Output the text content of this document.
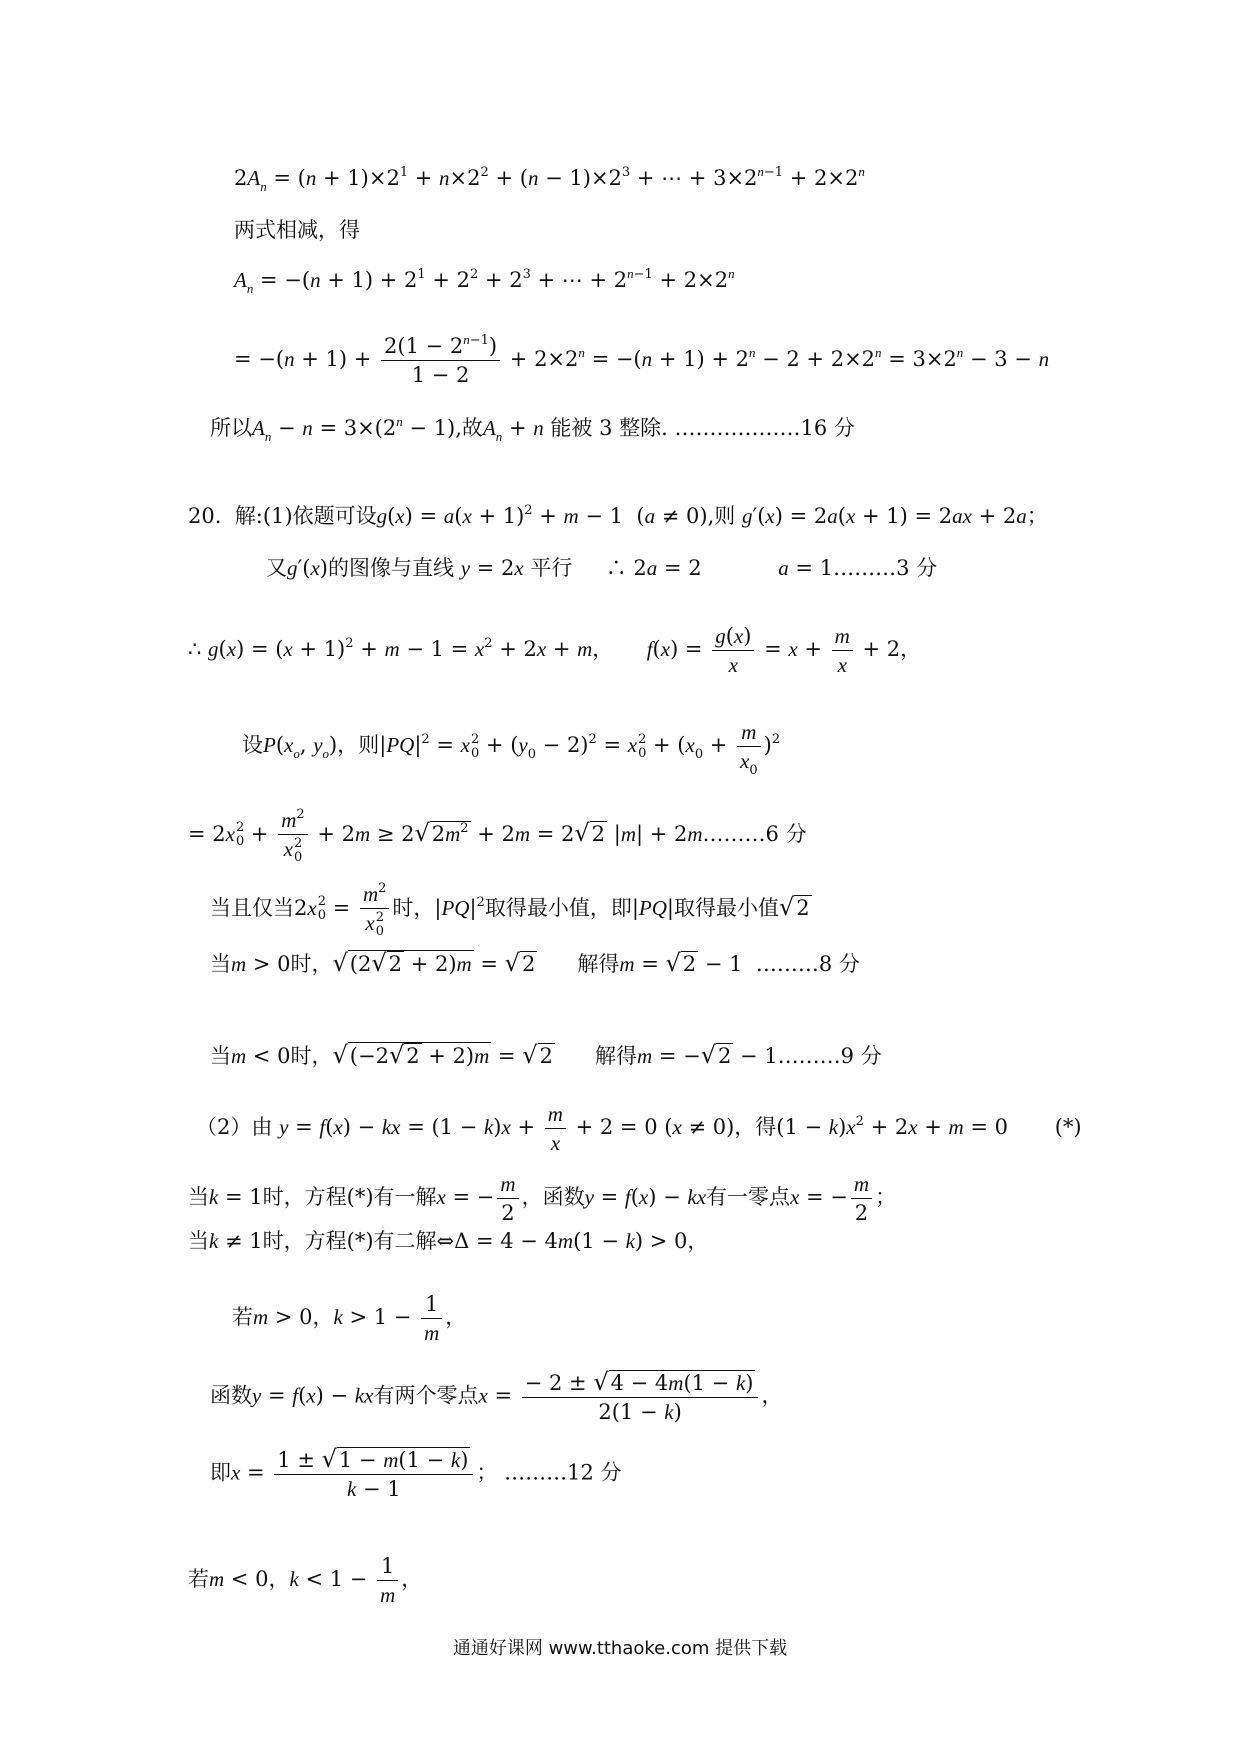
$2A_n = (n + 1)\times 2^1 + n\times 2^2 + (n - 1)\times 2^3$ + ⋯ + $3\times 2^{n-1} + 2\times 2^n$
两式相减，得
$A_n = -(n + 1) + 2^1 + 2^2 + 2^3$ + ⋯ + $2^{n-1} + 2\times 2^n$
= $-(n + 1) + \frac{2(1 - 2^{n-1})}{1 - 2} + 2\times 2^n = -(n + 1) + 2^n - 2 + 2\times 2^n = 3\times 2^n - 3 - n$
所以$A_n - n = 3\times(2^n - 1)$,故$A_n + n$ 能被 3 整除. ………………16 分
20. 解:(1)依题可设$g(x) = a(x + 1)^2 + m - 1$  (a ≠ 0),则 g′(x) = 2a(x + 1) = 2ax + 2a；
又g′(x)的图像与直线 y = 2x 平行     ∴ 2a = 2	a = 1………3 分
∴ $g(x) = (x + 1)^2 + m - 1 = x^2 + 2x + m$，     $f(x) = \frac{g(x)}{x} = x + \frac{m}{x} + 2$，
设$P(x_o$, $y_o$)，则$|PQ|^2 = x$ 2
$0 + (y_0 - 2)^2 = x$ 2
$0 + (x_0 + \frac{m}{x_0} )^2$
= 2x 2
$0 + m^2$
x 2
$0 + 2m \ge 2√2m^2 + 2m = 2√2$ |m| + 2m………6 分
当且仅当2x 2
$0 = m^2$
x 2
0 时，$|PQ|^2$取得最小值，即|PQ|取得最小值√2
当m > 0时，√(2√2 + 2)m = √2 解得m = √2 − 1  ………8 分
当m < 0时，√(−2√2 + 2)m = √2 解得m = −√2 − 1………9 分
（2）由 y = f(x) − kx = $(1 - k)x + \frac{m}{x} + 2 = 0$ (x ≠ 0)，得$(1 - k)x^2 + 2x + m = 0$       (*)
当k = 1时，方程(*)有一解x = − $\frac{m}{2}$ ，函数y = f(x) − kx有一零点x = − $\frac{m}{2}$ ；
当k ≠ 1时，方程(*)有二解⇔Δ = 4 − 4m(1 − k) > 0，
若m > 0，$k > 1 - \frac{1}{m}$ ，
函数y = f(x) − kx有两个零点$x = \frac{- 2 \pm √4 - 4m(1 - k)}{2(1 - k)}$ ，
即$x = \frac{1 \pm √1 - m(1 - k)}{k - 1}$ ； ………12 分
若m < 0，$k < 1 - \frac{1}{m}$ ，
通通好课网 www.tthaoke.com 提供下载
